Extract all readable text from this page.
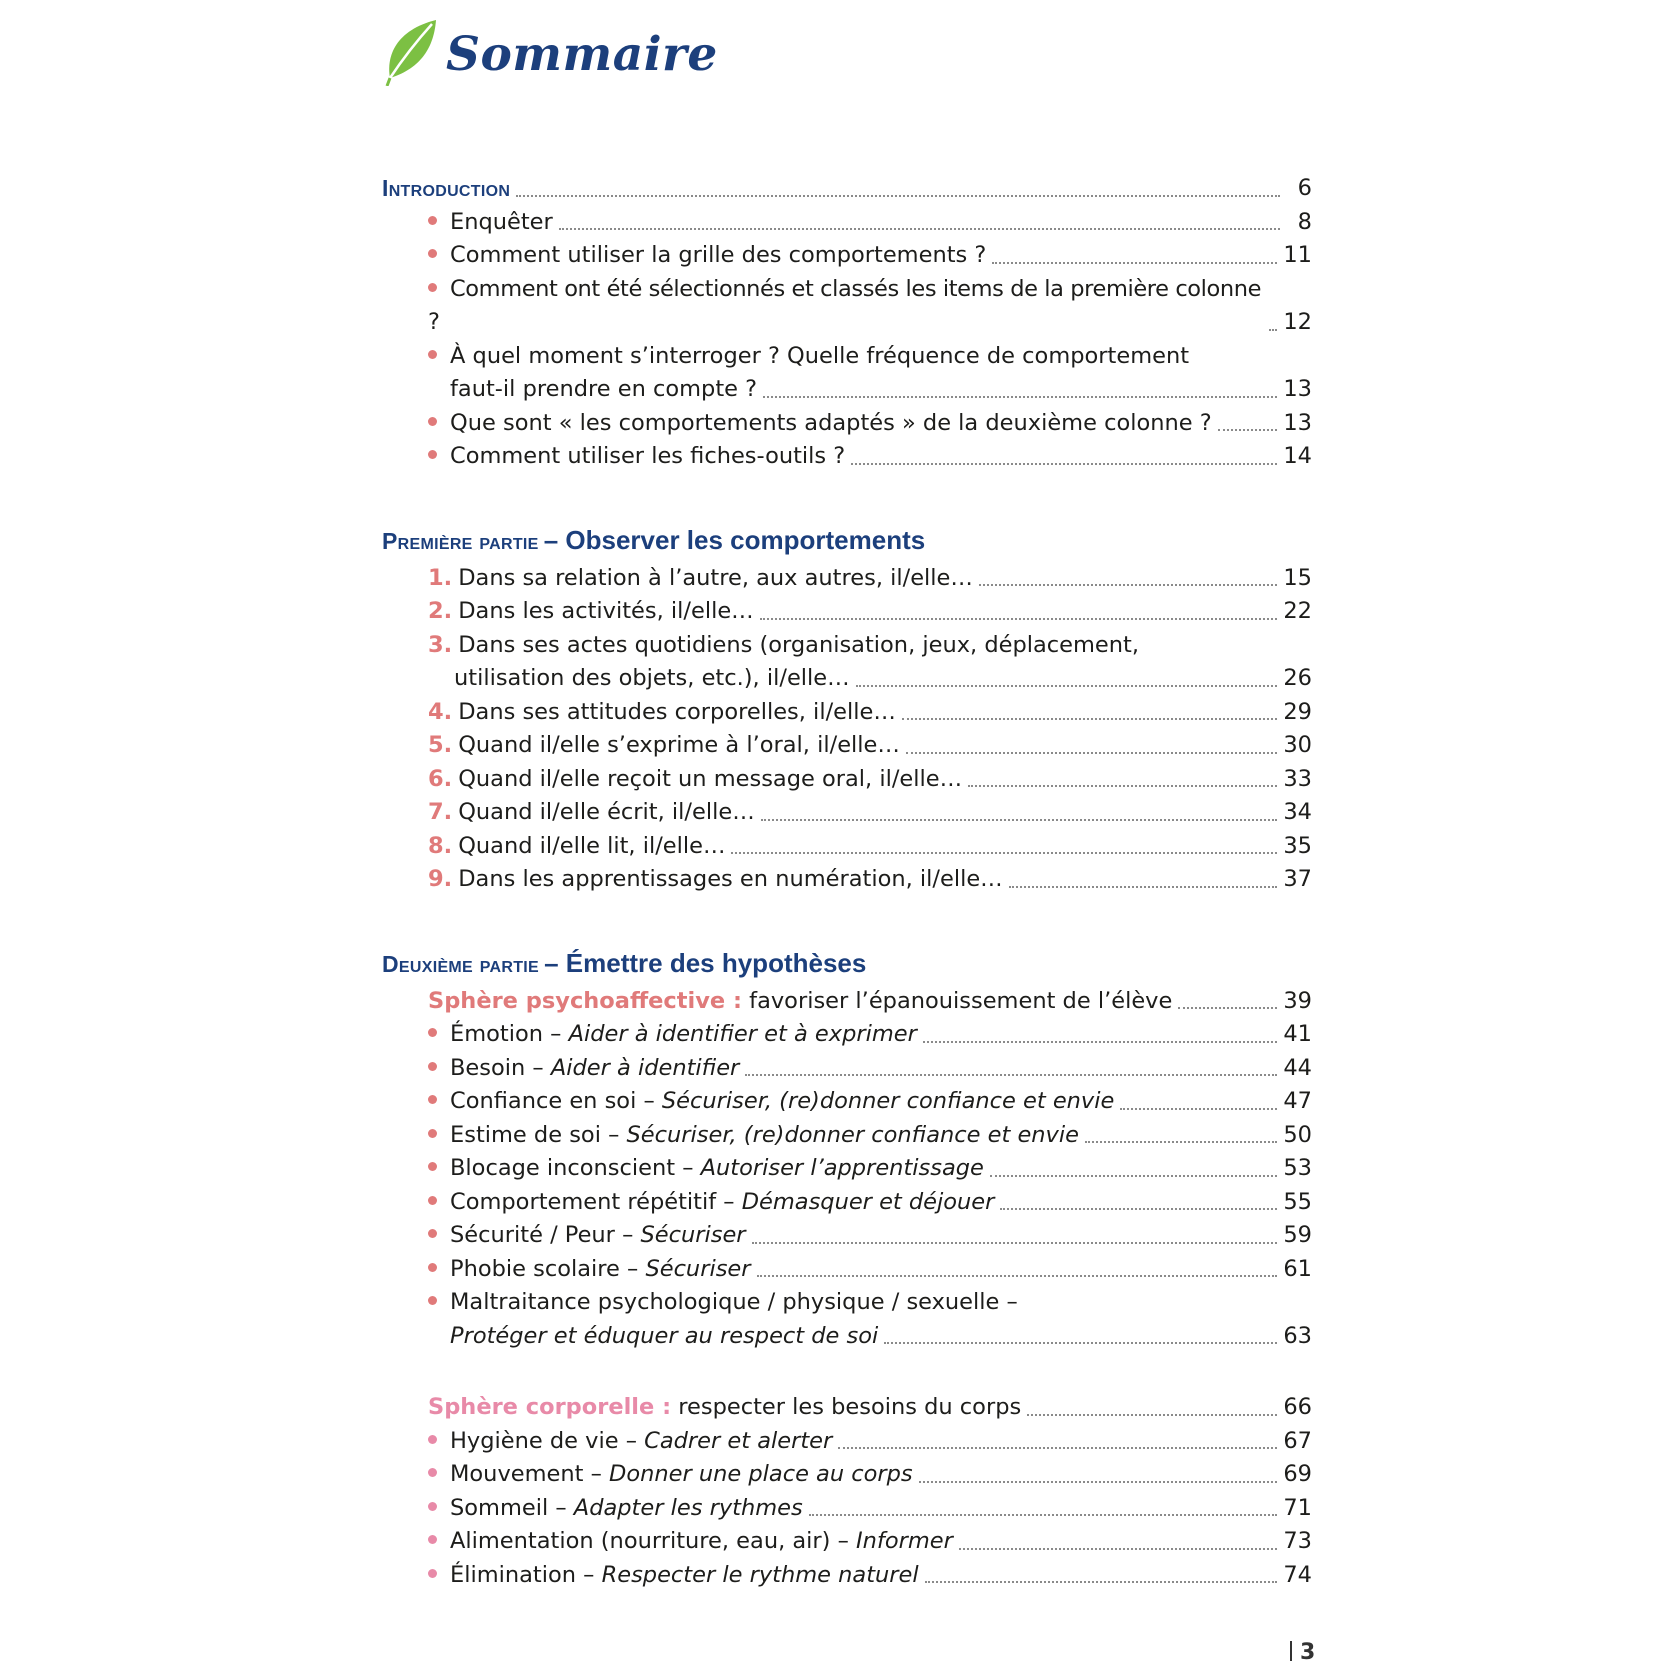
Sommaire
Introduction	6
Enquêter	8
Comment utiliser la grille des comportements ?	11
Comment ont été sélectionnés et classés les items de la première colonne ?	12
À quel moment s’interroger ? Quelle fréquence de comportement
faut-il prendre en compte ?	13
Que sont « les comportements adaptés » de la deuxième colonne ?	13
Comment utiliser les fiches-outils ?	14
Première partie – Observer les comportements
1. Dans sa relation à l’autre, aux autres, il/elle…	15
2. Dans les activités, il/elle…	22
3. Dans ses actes quotidiens (organisation, jeux, déplacement,
utilisation des objets, etc.), il/elle…	26
4. Dans ses attitudes corporelles, il/elle…	29
5. Quand il/elle s’exprime à l’oral, il/elle…	30
6. Quand il/elle reçoit un message oral, il/elle…	33
7. Quand il/elle écrit, il/elle…	34
8. Quand il/elle lit, il/elle…	35
9. Dans les apprentissages en numération, il/elle…	37
Deuxième partie – Émettre des hypothèses
Sphère psychoaffective : favoriser l’épanouissement de l’élève	39
Émotion – Aider à identifier et à exprimer	41
Besoin – Aider à identifier	44
Confiance en soi – Sécuriser, (re)donner confiance et envie	47
Estime de soi – Sécuriser, (re)donner confiance et envie	50
Blocage inconscient – Autoriser l’apprentissage	53
Comportement répétitif – Démasquer et déjouer	55
Sécurité / Peur – Sécuriser	59
Phobie scolaire – Sécuriser	61
Maltraitance psychologique / physique / sexuelle –
Protéger et éduquer au respect de soi	63
Sphère corporelle : respecter les besoins du corps	66
Hygiène de vie – Cadrer et alerter	67
Mouvement – Donner une place au corps	69
Sommeil – Adapter les rythmes	71
Alimentation (nourriture, eau, air) – Informer	73
Élimination – Respecter le rythme naturel	74
3
